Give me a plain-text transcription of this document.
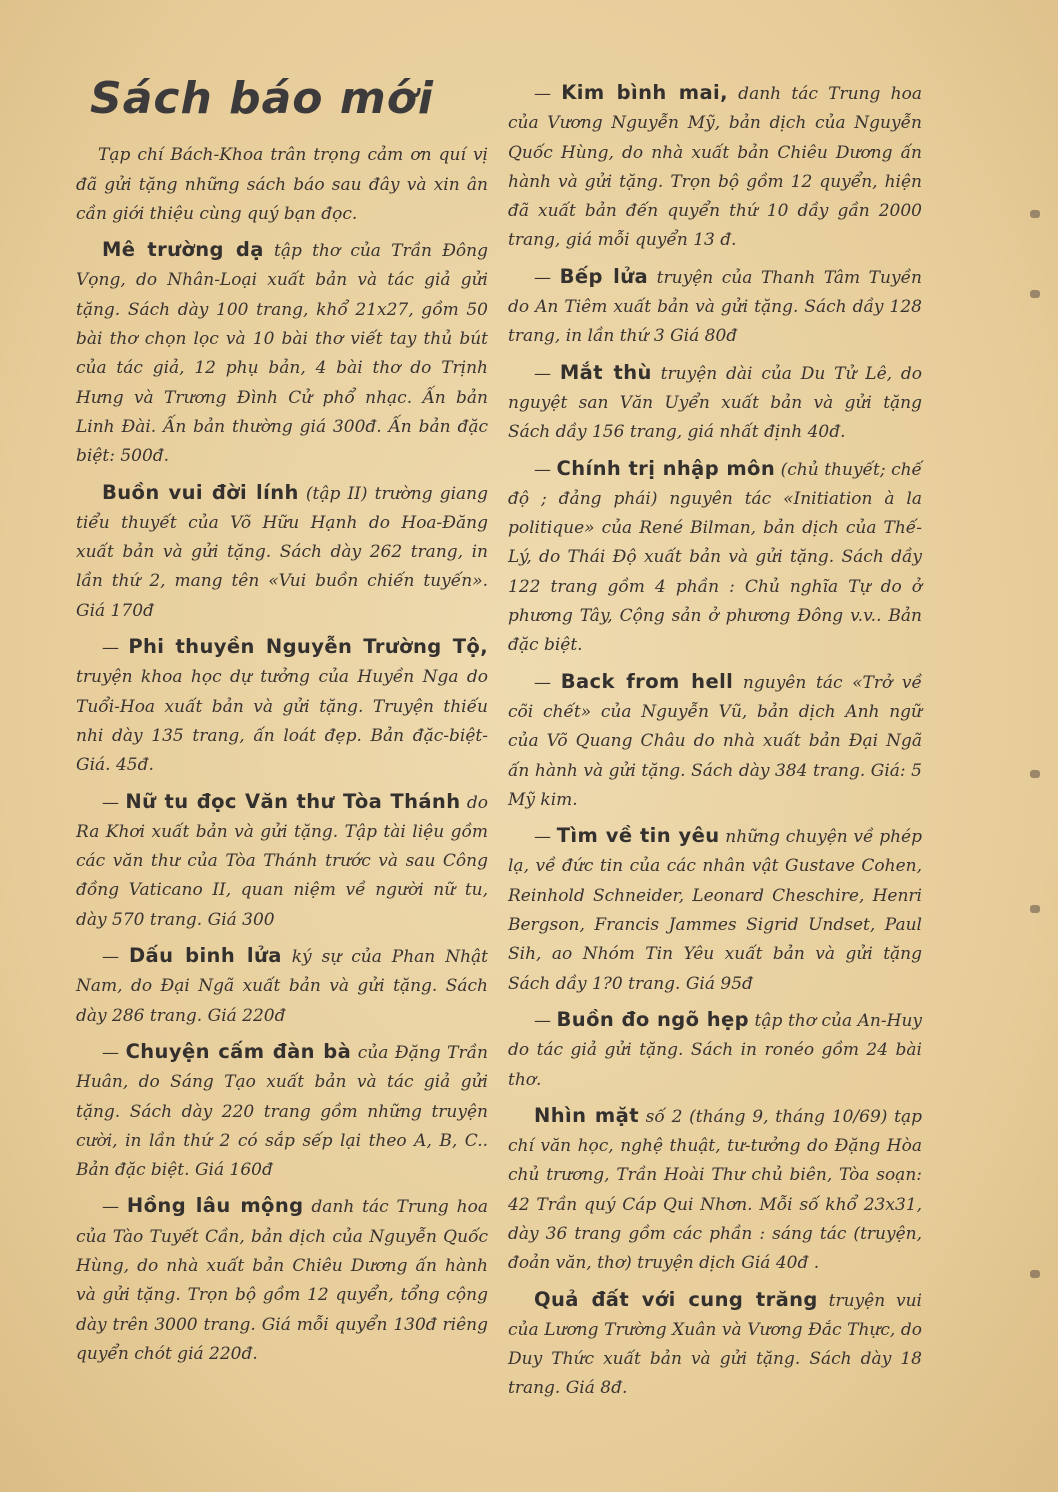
Sách báo mới

Tạp chí Bách-Khoa trân trọng cảm ơn quí vị đã gửi tặng những sách báo sau đây và xin ân cần giới thiệu cùng quý bạn đọc.

Mê trường dạ tập thơ của Trần Đông Vọng, do Nhân-Loại xuất bản và tác giả gửi tặng. Sách dày 100 trang, khổ 21x27, gồm 50 bài thơ chọn lọc và 10 bài thơ viết tay thủ bút của tác giả, 12 phụ bản, 4 bài thơ do Trịnh Hưng và Trương Đình Cử phổ nhạc. Ấn bản Linh Đài. Ấn bản thường giá 300đ. Ấn bản đặc biệt: 500đ.

Buồn vui đời lính (tập II) trường giang tiểu thuyết của Võ Hữu Hạnh do Hoa-Đăng xuất bản và gửi tặng. Sách dày 262 trang, in lần thứ 2, mang tên «Vui buồn chiến tuyến». Giá 170đ

— Phi thuyền Nguyễn Trường Tộ, truyện khoa học dự tưởng của Huyền Nga do Tuổi-Hoa xuất bản và gửi tặng. Truyện thiếu nhi dày 135 trang, ấn loát đẹp. Bản đặc-biệt-Giá. 45đ.

— Nữ tu đọc Văn thư Tòa Thánh do Ra Khơi xuất bản và gửi tặng. Tập tài liệu gồm các văn thư của Tòa Thánh trước và sau Công đồng Vaticano II, quan niệm về người nữ tu, dày 570 trang. Giá 300

— Dấu binh lửa ký sự của Phan Nhật Nam, do Đại Ngã xuất bản và gửi tặng. Sách dày 286 trang. Giá 220đ

— Chuyện cấm đàn bà của Đặng Trần Huân, do Sáng Tạo xuất bản và tác giả gửi tặng. Sách dày 220 trang gồm những truyện cười, in lần thứ 2 có sắp sếp lại theo A, B, C.. Bản đặc biệt. Giá 160đ

— Hồng lâu mộng danh tác Trung hoa của Tào Tuyết Cần, bản dịch của Nguyễn Quốc Hùng, do nhà xuất bản Chiêu Dương ấn hành và gửi tặng. Trọn bộ gồm 12 quyển, tổng cộng dày trên 3000 trang. Giá mỗi quyển 130đ riêng quyển chót giá 220đ.

— Kim bình mai, danh tác Trung hoa của Vương Nguyễn Mỹ, bản dịch của Nguyễn Quốc Hùng, do nhà xuất bản Chiêu Dương ấn hành và gửi tặng. Trọn bộ gồm 12 quyển, hiện đã xuất bản đến quyển thứ 10 dầy gần 2000 trang, giá mỗi quyển 13 đ.

— Bếp lửa truyện của Thanh Tâm Tuyền do An Tiêm xuất bản và gửi tặng. Sách dầy 128 trang, in lần thứ 3 Giá 80đ

— Mắt thù truyện dài của Du Tử Lê, do nguyệt san Văn Uyển xuất bản và gửi tặng Sách dầy 156 trang, giá nhất định 40đ.

— Chính trị nhập môn (chủ thuyết; chế độ ; đảng phái) nguyên tác «Initiation à la politique» của René Bilman, bản dịch của Thế-Lý, do Thái Độ xuất bản và gửi tặng. Sách dầy 122 trang gồm 4 phần : Chủ nghĩa Tự do ở phương Tây, Cộng sản ở phương Đông v.v.. Bản đặc biệt.

— Back from hell nguyên tác «Trở về cõi chết» của Nguyễn Vũ, bản dịch Anh ngữ của Võ Quang Châu do nhà xuất bản Đại Ngã ấn hành và gửi tặng. Sách dày 384 trang. Giá: 5 Mỹ kim.

— Tìm về tin yêu những chuyện về phép lạ, về đức tin của các nhân vật Gustave Cohen, Reinhold Schneider, Leonard Cheschire, Henri Bergson, Francis Jammes Sigrid Undset, Paul Sih, ao Nhóm Tin Yêu xuất bản và gửi tặng Sách dầy 1?0 trang. Giá 95đ

— Buồn đo ngõ hẹp tập thơ của An-Huy do tác giả gửi tặng. Sách in ronéo gồm 24 bài thơ.

Nhìn mặt số 2 (tháng 9, tháng 10/69) tạp chí văn học, nghệ thuật, tư-tưởng do Đặng Hòa chủ trương, Trần Hoài Thư chủ biên, Tòa soạn: 42 Trần quý Cáp Qui Nhơn. Mỗi số khổ 23x31, dày 36 trang gồm các phần : sáng tác (truyện, đoản văn, thơ) truyện dịch Giá 40đ .

Quả đất với cung trăng truyện vui của Lương Trường Xuân và Vương Đắc Thực, do Duy Thức xuất bản và gửi tặng. Sách dày 18 trang. Giá 8đ.
